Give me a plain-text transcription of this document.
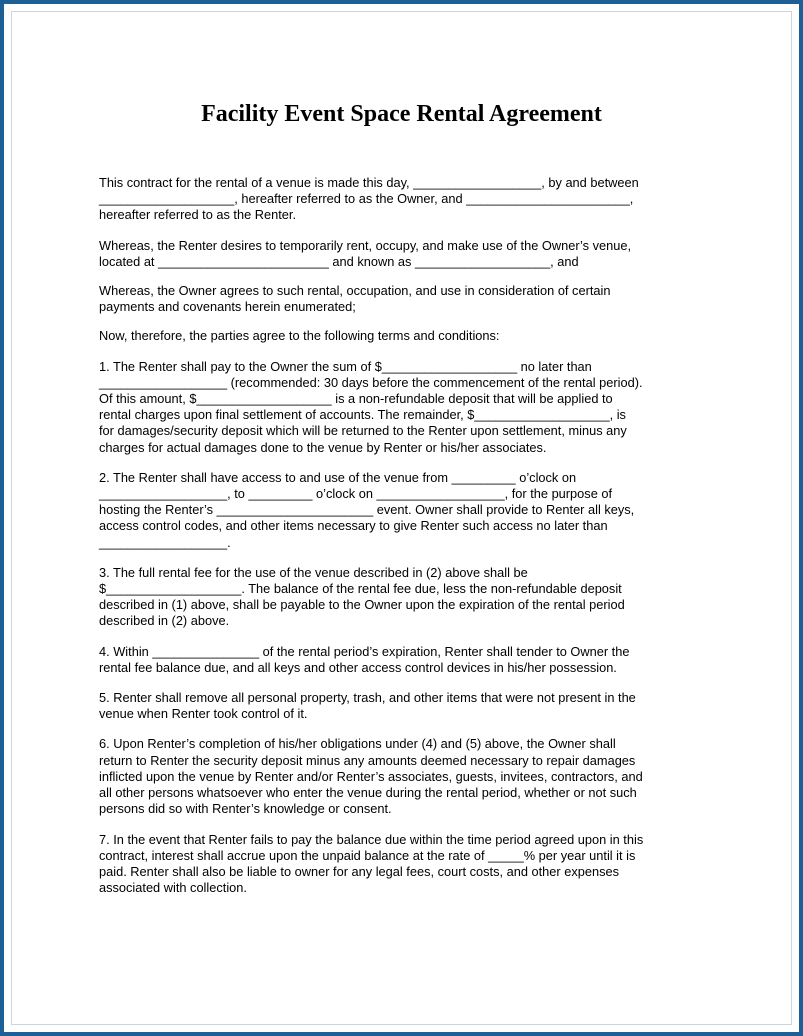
Facility Event Space Rental Agreement

This contract for the rental of a venue is made this day, __________________, by and between
___________________, hereafter referred to as the Owner, and _______________________,
hereafter referred to as the Renter.

Whereas, the Renter desires to temporarily rent, occupy, and make use of the Owner’s venue,
located at ________________________ and known as ___________________, and

Whereas, the Owner agrees to such rental, occupation, and use in consideration of certain
payments and covenants herein enumerated;

Now, therefore, the parties agree to the following terms and conditions:

1. The Renter shall pay to the Owner the sum of $___________________ no later than
__________________ (recommended: 30 days before the commencement of the rental period).
Of this amount, $___________________ is a non-refundable deposit that will be applied to
rental charges upon final settlement of accounts. The remainder, $___________________, is
for damages/security deposit which will be returned to the Renter upon settlement, minus any
charges for actual damages done to the venue by Renter or his/her associates.

2. The Renter shall have access to and use of the venue from _________ o’clock on
__________________, to _________ o’clock on __________________, for the purpose of
hosting the Renter’s ______________________ event. Owner shall provide to Renter all keys,
access control codes, and other items necessary to give Renter such access no later than
__________________.

3. The full rental fee for the use of the venue described in (2) above shall be
$___________________. The balance of the rental fee due, less the non-refundable deposit
described in (1) above, shall be payable to the Owner upon the expiration of the rental period
described in (2) above.

4. Within _______________ of the rental period’s expiration, Renter shall tender to Owner the
rental fee balance due, and all keys and other access control devices in his/her possession.

5. Renter shall remove all personal property, trash, and other items that were not present in the
venue when Renter took control of it.

6. Upon Renter’s completion of his/her obligations under (4) and (5) above, the Owner shall
return to Renter the security deposit minus any amounts deemed necessary to repair damages
inflicted upon the venue by Renter and/or Renter’s associates, guests, invitees, contractors, and
all other persons whatsoever who enter the venue during the rental period, whether or not such
persons did so with Renter’s knowledge or consent.

7. In the event that Renter fails to pay the balance due within the time period agreed upon in this
contract, interest shall accrue upon the unpaid balance at the rate of _____% per year until it is
paid. Renter shall also be liable to owner for any legal fees, court costs, and other expenses
associated with collection.
